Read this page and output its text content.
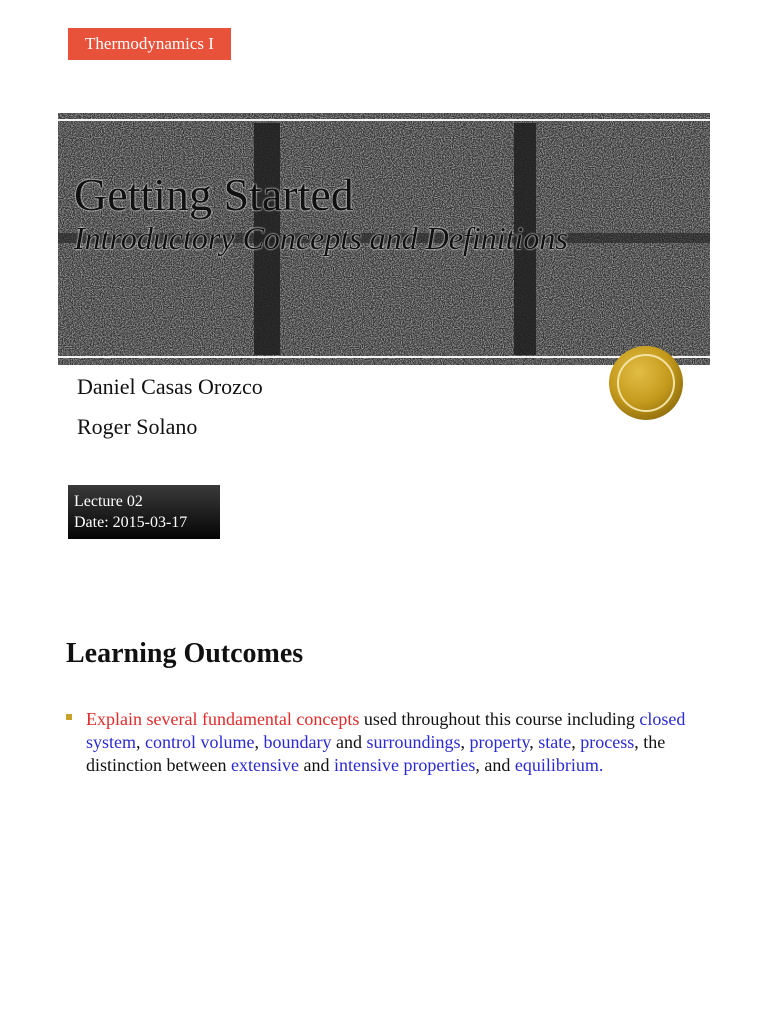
Thermodynamics I
Getting Started
Introductory Concepts and Definitions
Daniel Casas Orozco
Roger Solano
Lecture 02
Date: 2015-03-17
Learning Outcomes
Explain several fundamental concepts used throughout this course including closed system, control volume, boundary and surroundings, property, state, process, the distinction between extensive and intensive properties, and equilibrium.
